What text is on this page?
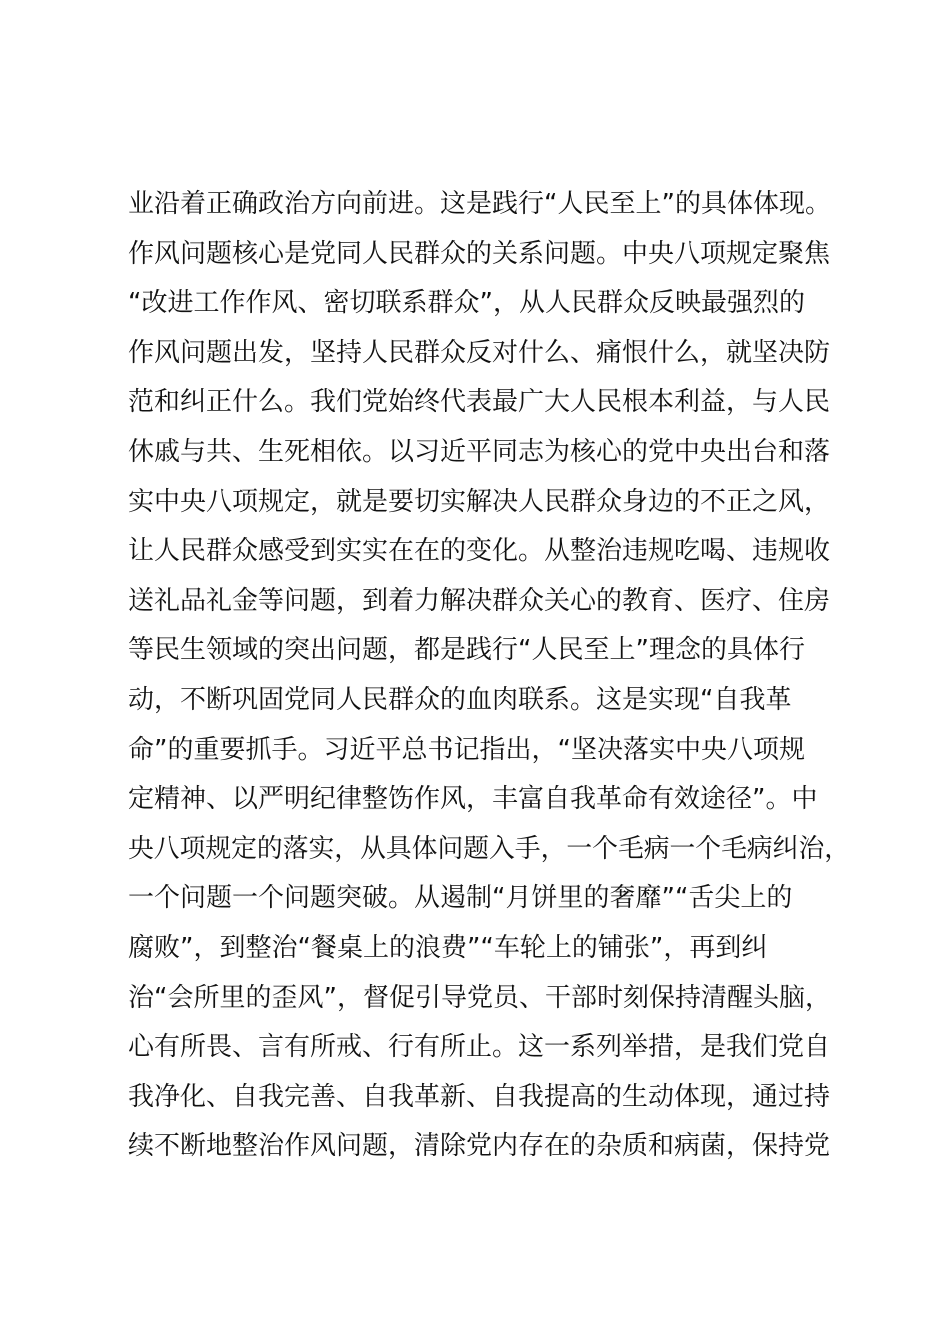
业沿着正确政治方向前进。这是践行“人民至上”的具体体现。
作风问题核心是党同人民群众的关系问题。中央八项规定聚焦
“改进工作作风、密切联系群众”，从人民群众反映最强烈的
作风问题出发，坚持人民群众反对什么、痛恨什么，就坚决防
范和纠正什么。我们党始终代表最广大人民根本利益，与人民
休戚与共、生死相依。以习近平同志为核心的党中央出台和落
实中央八项规定，就是要切实解决人民群众身边的不正之风，
让人民群众感受到实实在在的变化。从整治违规吃喝、违规收
送礼品礼金等问题，到着力解决群众关心的教育、医疗、住房
等民生领域的突出问题，都是践行“人民至上”理念的具体行
动，不断巩固党同人民群众的血肉联系。这是实现“自我革
命”的重要抓手。习近平总书记指出，“坚决落实中央八项规
定精神、以严明纪律整饬作风，丰富自我革命有效途径”。中
央八项规定的落实，从具体问题入手，一个毛病一个毛病纠治，
一个问题一个问题突破。从遏制“月饼里的奢靡”“舌尖上的
腐败”，到整治“餐桌上的浪费”“车轮上的铺张”，再到纠
治“会所里的歪风”，督促引导党员、干部时刻保持清醒头脑，
心有所畏、言有所戒、行有所止。这一系列举措，是我们党自
我净化、自我完善、自我革新、自我提高的生动体现，通过持
续不断地整治作风问题，清除党内存在的杂质和病菌，保持党
